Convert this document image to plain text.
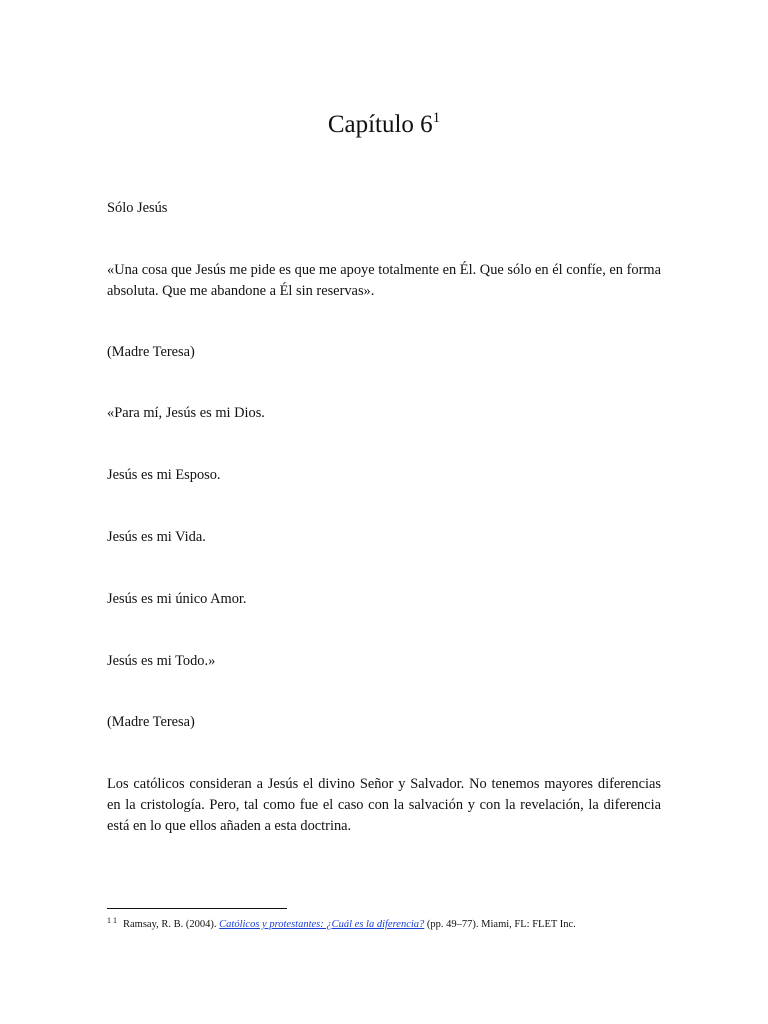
Capítulo $6^1$

Sólo Jesús

«Una cosa que Jesús me pide es que me apoye totalmente en Él. Que sólo en él confíe, en forma absoluta. Que me abandone a Él sin reservas».

(Madre Teresa)

«Para mí, Jesús es mi Dios.

Jesús es mi Esposo.

Jesús es mi Vida.

Jesús es mi único Amor.

Jesús es mi Todo.»

(Madre Teresa)

Los católicos consideran a Jesús el divino Señor y Salvador. No tenemos mayores diferencias en la cristología. Pero, tal como fue el caso con la salvación y con la revelación, la diferencia está en lo que ellos añaden a esta doctrina.

$^{1 1}$ Ramsay, R. B. (2004). Católicos y protestantes: ¿Cuál es la diferencia? (pp. 49–77). Miami, FL: FLET Inc.
